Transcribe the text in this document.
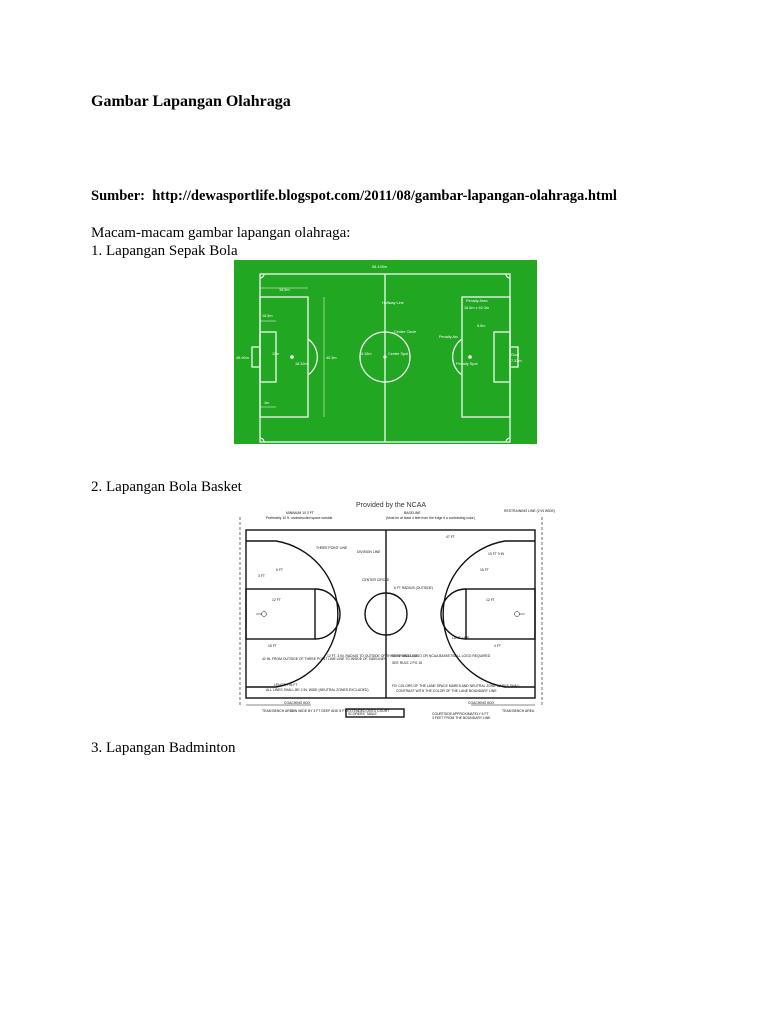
Gambar Lapangan Olahraga
Sumber: http://dewasportlife.blogspot.com/2011/08/gambar-lapangan-olahraga.html
Macam-macam gambar lapangan olahraga:
1. Lapangan Sepak Bola
2. Lapangan Bola Basket
3. Lapangan Badminton
68-105m
16.5m
Halfway Line
Center Circle
Center Spot
9.15m
Penalty Area
16.5m x 40.3m
5.5m
Penalty Arc
Penalty Spot
45-90m
Goal
7.32m
16.5m
11m
18.32m
40.3m
1m
Provided by the NCAA
MINIMUM 10 3 FT
Preferably 10 ft. unobstructed space outside
BASELINE
(Must be at least 4 feet from the edge if a contrasting color)
RESTRAINING LINE (2 IN WIDE)
THREE POINT LINE
DIVISION LINE
CENTER CIRCLE
6 FT RADIUS (OUTSIDE)
47 FT
19 FT 9 IN
15 FT
12 FT
3 FT
6 FT
12 FT
15 FT
LANE LINE
4 FT
42 IN. FROM OUTSIDE OF THREE POINT LINE LINE TO INSIDE OF SIDELINES
12 FT. 3 IN. RADIUS TO OUTSIDE OF THREE-POINT LINE
18 IN. NCAA LOGO OR NCAA BASKETBALL LOGO REQUIRED
SEE RULE 2 PG 15
FIX COLORS OF THE LANE SPACE MARKS AND NEUTRAL ZONE MARKS SHALL
CONTRAST WITH THE COLOR OF THE LANE BOUNDARY LINE
LENGTH 94 FT
ALL LINES SHALL BE 2 IN. WIDE (NEUTRAL ZONES EXCLUDED)
COACHING BOX	COACHING BOX
TEAM BENCH AREA	TEAM BENCH AREA
SCORERS' TABLE
2 IN WIDE BY 3 FT DEEP AND 5 FT EXTENDED ONTO COURT
COURTSIDE APPROXIMATELY 6 FT
3 FEET FROM THE BOUNDARY LINE
